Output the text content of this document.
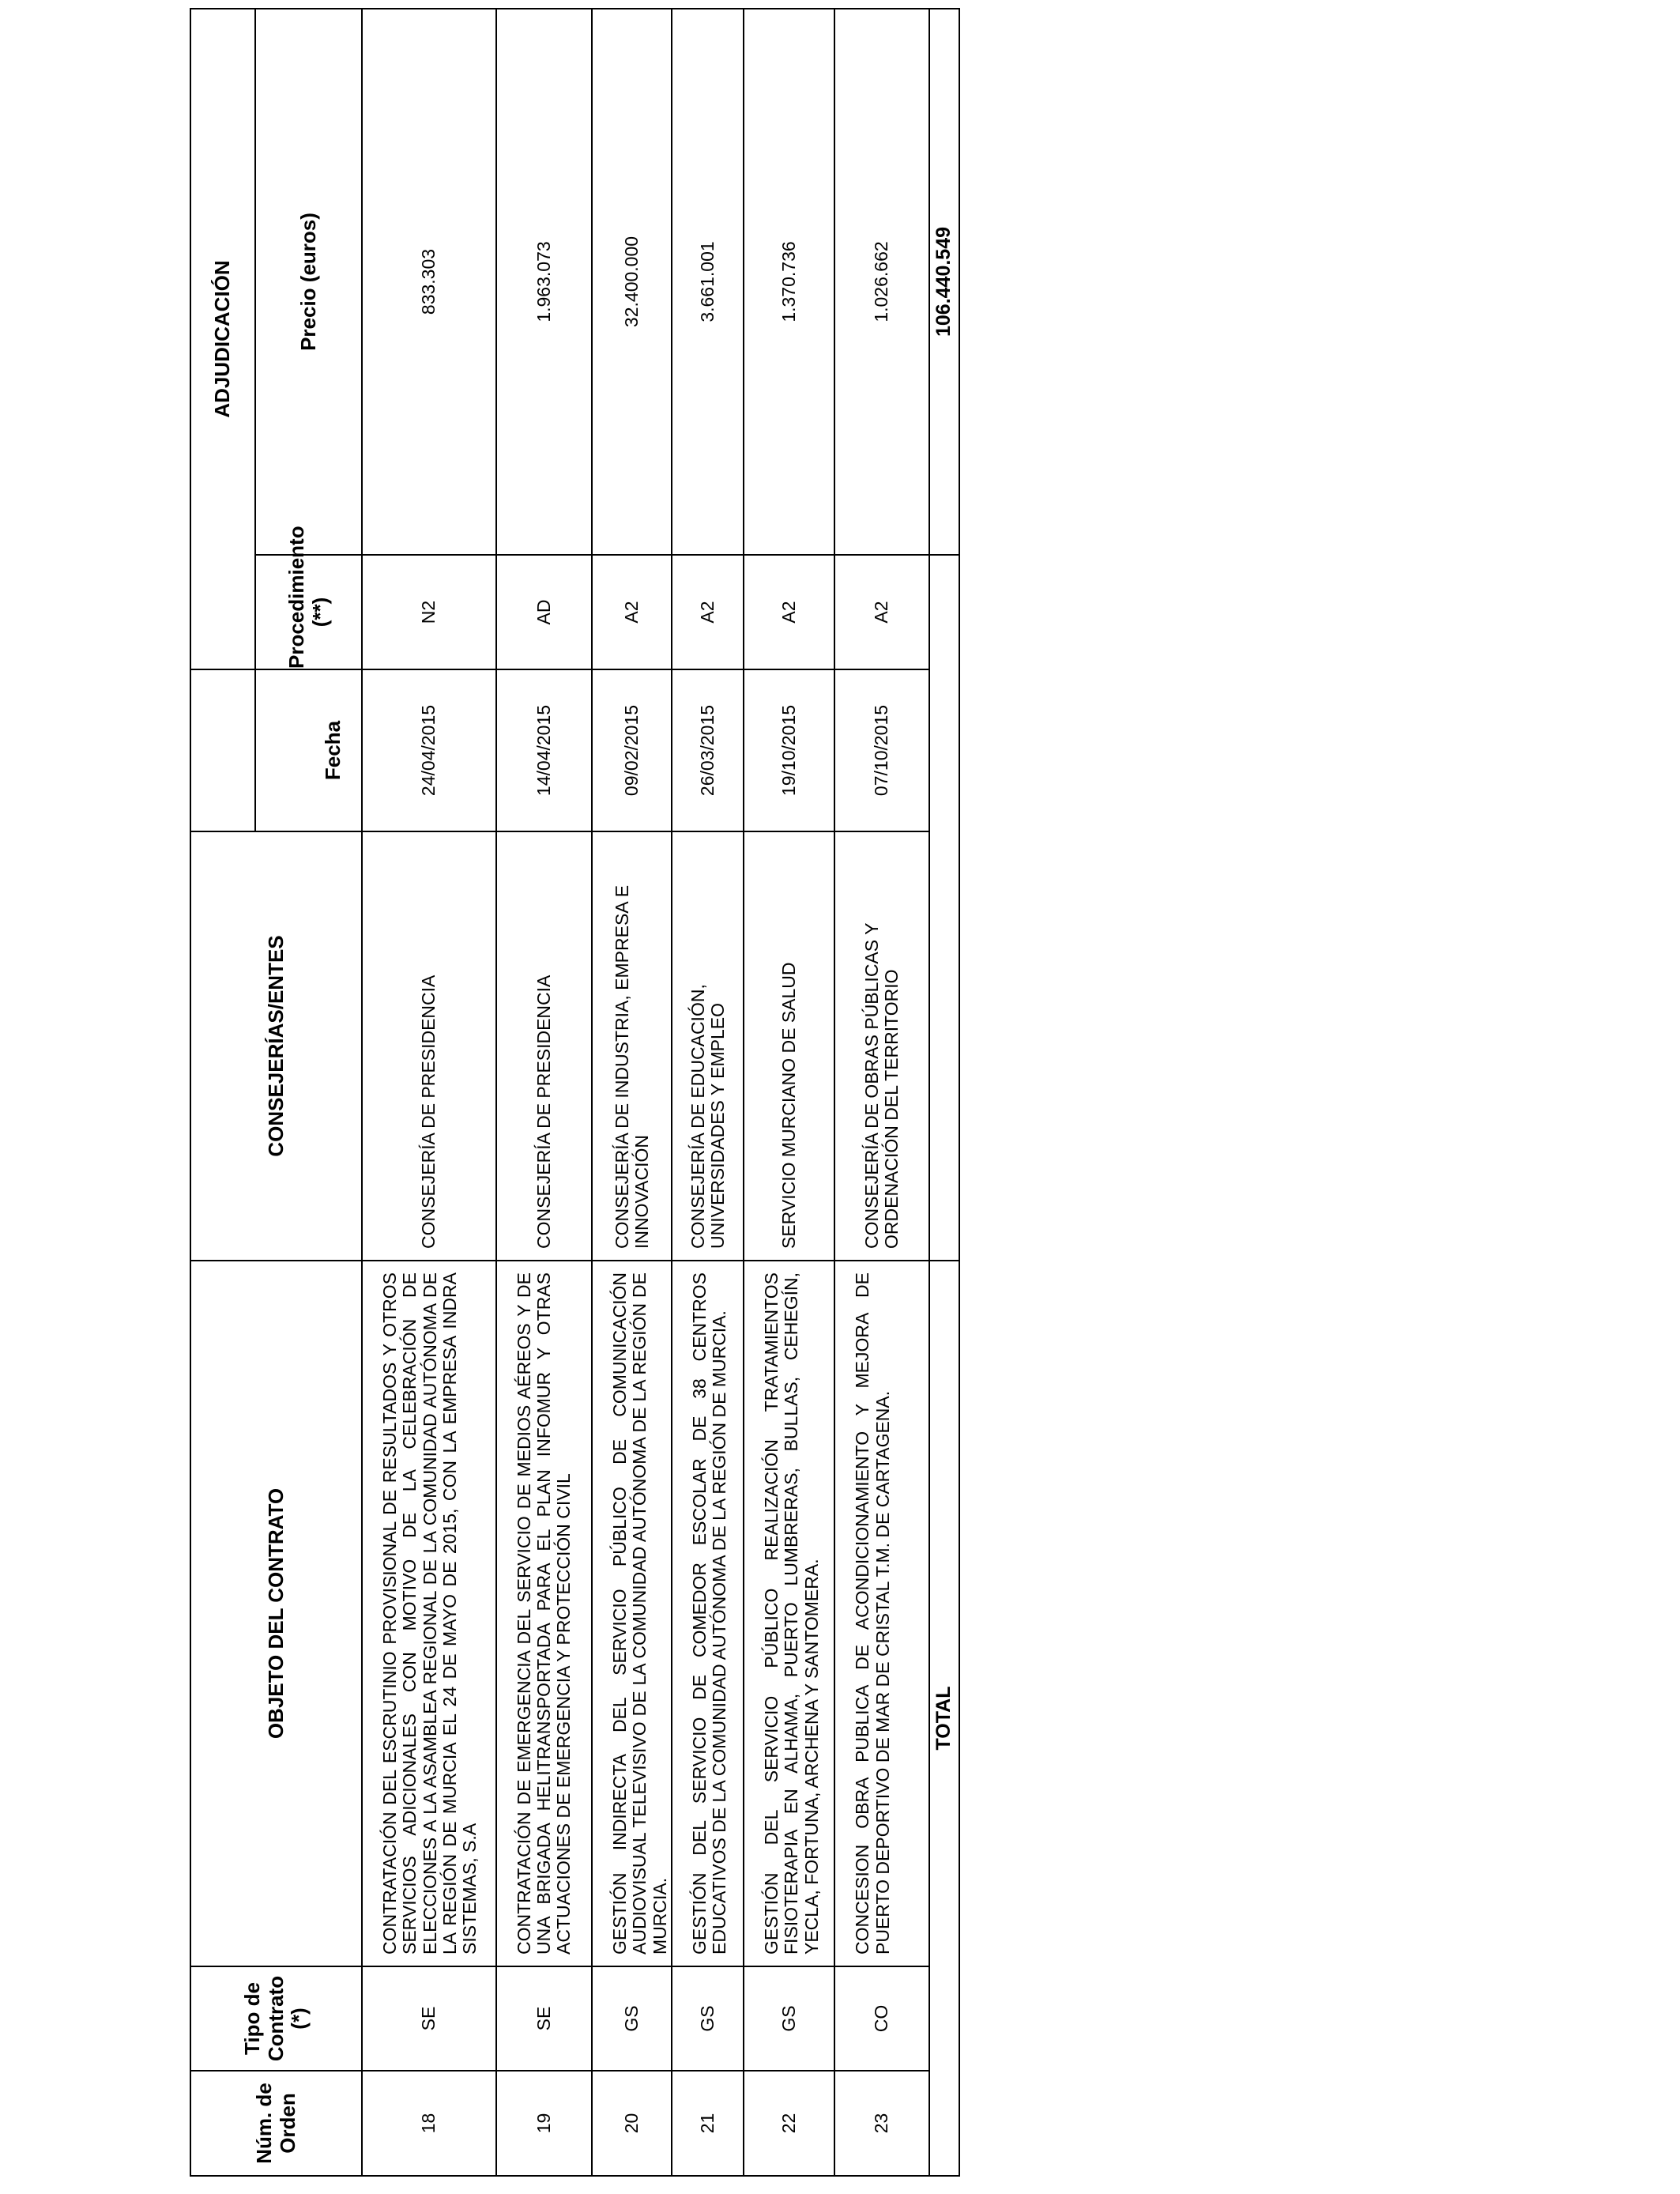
Núm. de Orden	Tipo de Contrato (*)	OBJETO DEL CONTRATO	CONSEJERÍAS/ENTES		ADJUDICACIÓN	
				Fecha	Procedimiento (**)	Precio (euros)
18	SE	CONTRATACIÓN DEL ESCRUTINIO PROVISIONAL DE RESULTADOS Y OTROS SERVICIOS ADICIONALES CON MOTIVO DE LA CELEBRACIÓN DE ELECCIONES A LA ASAMBLEA REGIONAL DE LA COMUNIDAD AUTÓNOMA DE LA REGIÓN DE MURCIA EL 24 DE MAYO DE 2015, CON LA EMPRESA INDRA SISTEMAS, S.A	CONSEJERÍA DE PRESIDENCIA	24/04/2015	N2	833.303
19	SE	CONTRATACIÓN DE EMERGENCIA DEL SERVICIO DE MEDIOS AÉREOS Y DE UNA BRIGADA HELITRANSPORTADA PARA EL PLAN INFOMUR Y OTRAS ACTUACIONES DE EMERGENCIA Y PROTECCIÓN CIVIL	CONSEJERÍA DE PRESIDENCIA	14/04/2015	AD	1.963.073
20	GS	GESTIÓN INDIRECTA DEL SERVICIO PÚBLICO DE COMUNICACIÓN AUDIOVISUAL TELEVISIVO DE LA COMUNIDAD AUTÓNOMA DE LA REGIÓN DE MURCIA.	CONSEJERÍA DE INDUSTRIA, EMPRESA E INNOVACIÓN	09/02/2015	A2	32.400.000
21	GS	GESTIÓN DEL SERVICIO DE COMEDOR ESCOLAR DE 38 CENTROS EDUCATIVOS DE LA COMUNIDAD AUTÓNOMA DE LA REGIÓN DE MURCIA.	CONSEJERÍA DE EDUCACIÓN, UNIVERSIDADES Y EMPLEO	26/03/2015	A2	3.661.001
22	GS	GESTIÓN DEL SERVICIO PÚBLICO REALIZACIÓN TRATAMIENTOS FISIOTERAPIA EN ALHAMA, PUERTO LUMBRERAS, BULLAS, CEHEGÍN, YECLA, FORTUNA, ARCHENA Y SANTOMERA.	SERVICIO MURCIANO DE SALUD	19/10/2015	A2	1.370.736
23	CO	CONCESION OBRA PUBLICA DE ACONDICIONAMIENTO Y MEJORA DE PUERTO DEPORTIVO DE MAR DE CRISTAL T.M. DE CARTAGENA.	CONSEJERÍA DE OBRAS PÚBLICAS Y ORDENACIÓN DEL TERRITORIO	07/10/2015	A2	1.026.662
TOTAL						106.440.549
